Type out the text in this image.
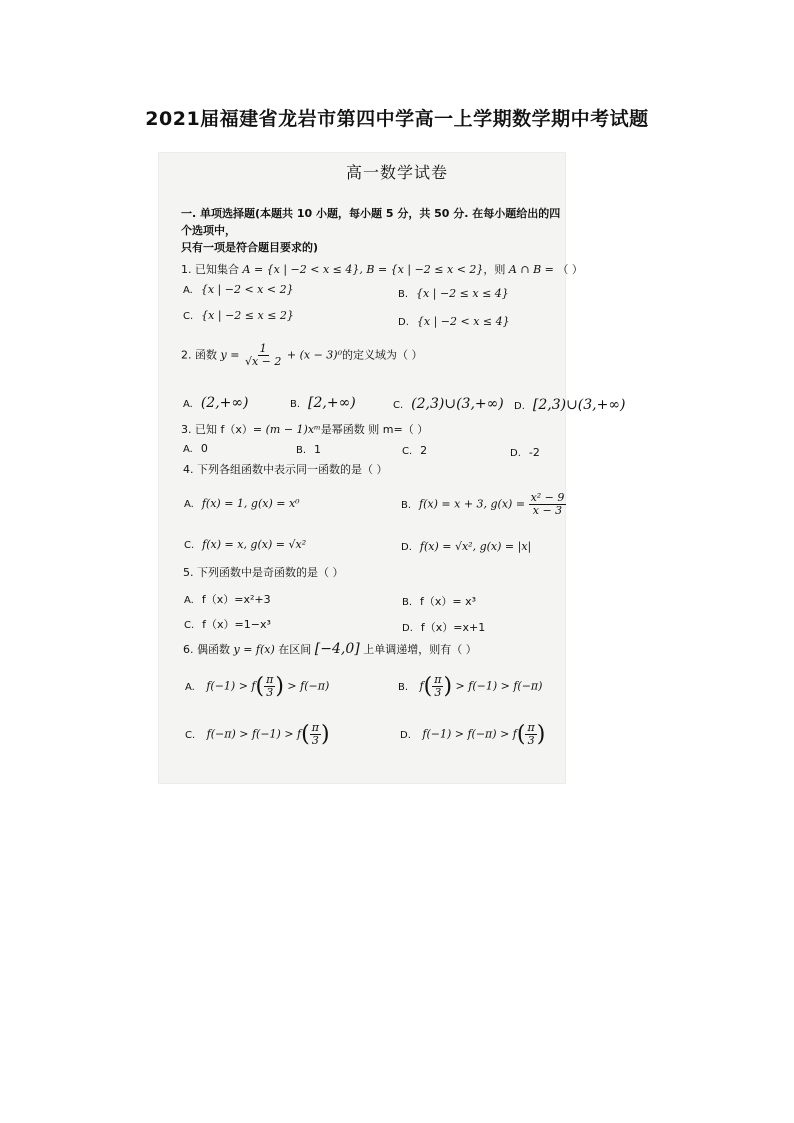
2021届福建省龙岩市第四中学高一上学期数学期中考试题
高一数学试卷
一. 单项选择题(本题共 10 小题，每小题 5 分，共 50 分. 在每小题给出的四个选项中，
只有一项是符合题目要求的)
1. 已知集合 A = {x | −2 < x ≤ 4}, B = {x | −2 ≤ x < 2}，则 A ∩ B = （ ）
A. {x | −2 < x < 2}	B. {x | −2 ≤ x ≤ 4}
C. {x | −2 ≤ x ≤ 2}
D. {x | −2 < x ≤ 4}
2. 函数 $y = \frac{1}{√x - 2} + (x - 3)^0$的定义域为（ ）
A. (2,+∞)	B. [2,+∞)	C. (2,3)∪(3,+∞) D. [2,3)∪(3,+∞)
3. 已知 f（x）= (m − 1)xᵐ是幂函数 则 m=（ ）
A. 0	B. 1	C. 2	D. -2
4. 下列各组函数中表示同一函数的是（ ）
A. f(x) = 1, g(x) = x⁰	B. f(x) = x + 3, $g(x) = \frac{\text{x² − 9}}{x - 3}$
C. f(x) = x, g(x) = √x²	D. f(x) = √x², g(x) = |x|
5. 下列函数中是奇函数的是（ ）
A. f（x）=x²+3	B. f（x）= x³
C. f（x）=1−x³	D. f（x）=x+1
6. 偶函数 y = f(x) 在区间 [−4,0] 上单调递增，则有（ ）
A. $f(-1) > f( \frac{\pi}{3}$ ) > f(−π)	B. $f( \frac{\pi}{3}$ ) > f(−1) > f(−π)
C. $f(-\pi) > f(-1) > f( \frac{\pi}{3}$ )	D. $f(-1) > f(-\pi) > f( \frac{\pi}{3}$ )
